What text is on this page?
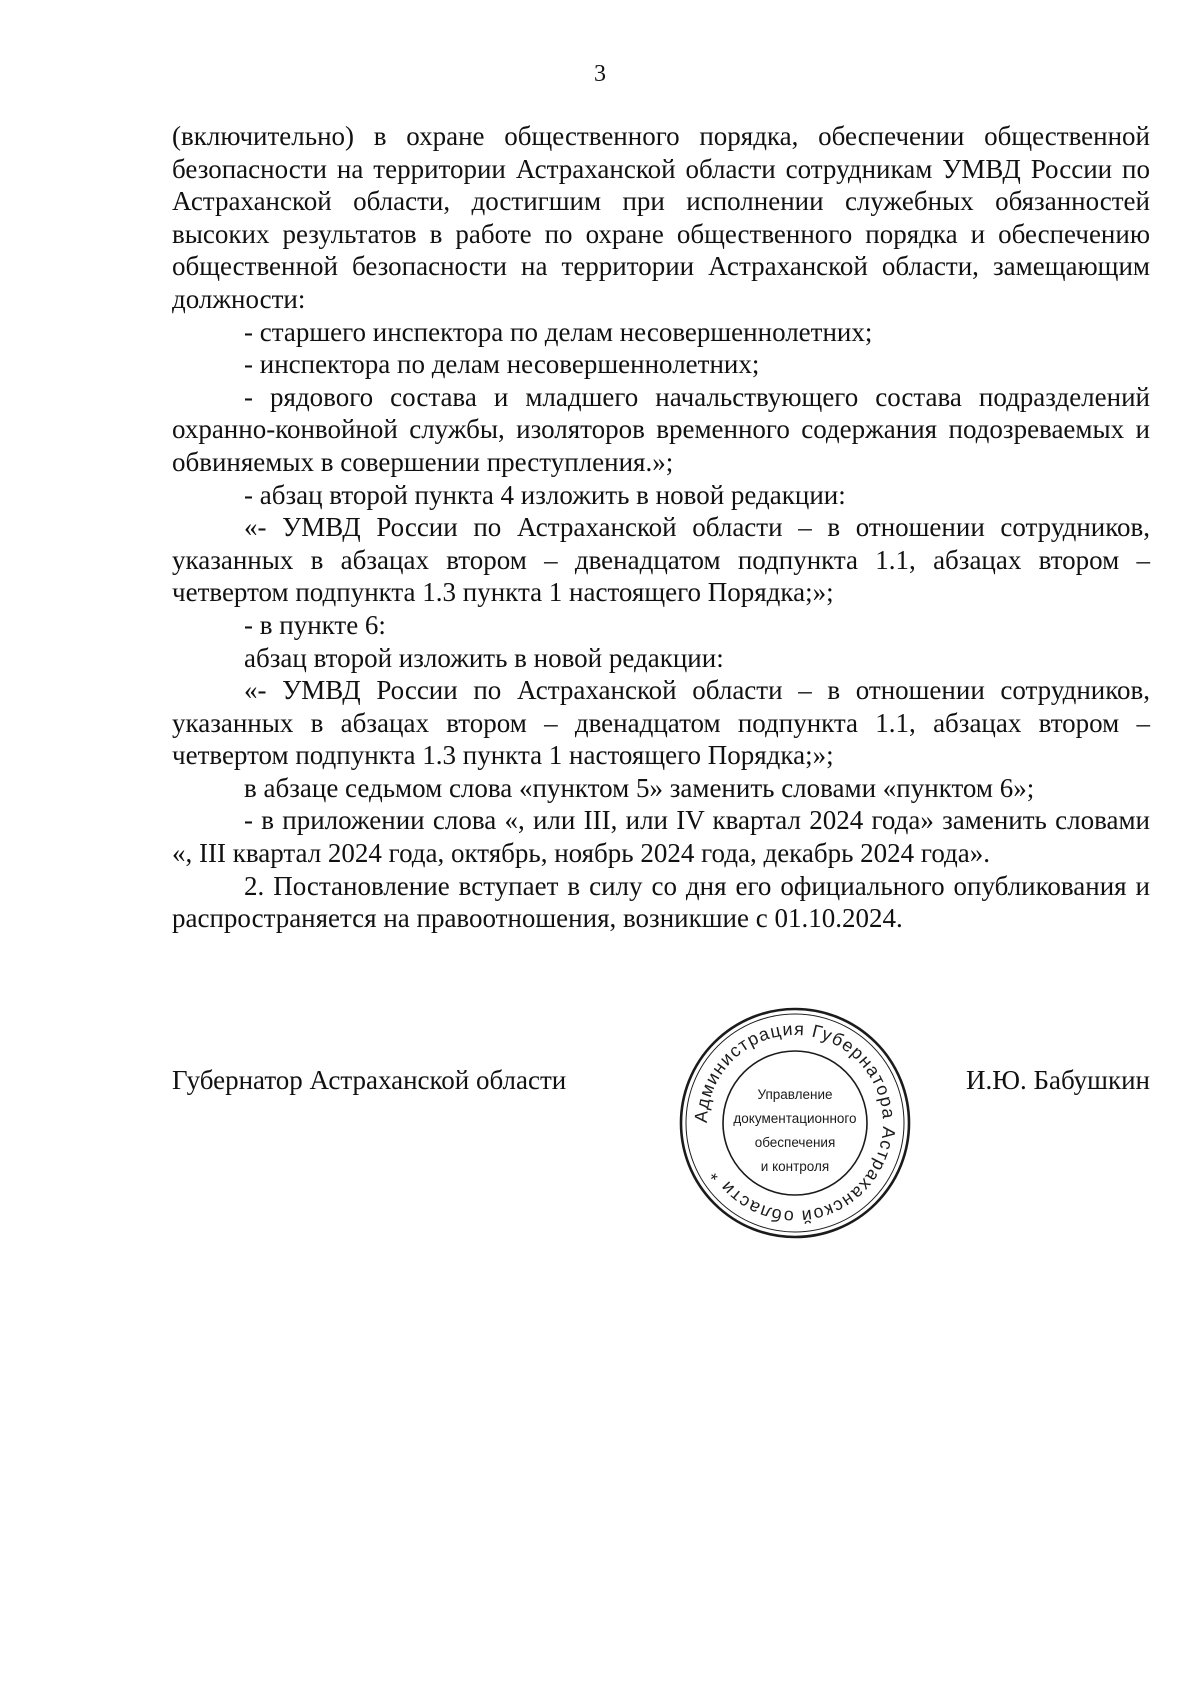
3

(включительно) в охране общественного порядка, обеспечении общественной безопасности на территории Астраханской области сотрудникам УМВД России по Астраханской области, достигшим при исполнении служебных обязанностей высоких результатов в работе по охране общественного порядка и обеспечению общественной безопасности на территории Астраханской области, замещающим должности:

- старшего инспектора по делам несовершеннолетних;

- инспектора по делам несовершеннолетних;

- рядового состава и младшего начальствующего состава подразделений охранно-конвойной службы, изоляторов временного содержания подозреваемых и обвиняемых в совершении преступления.»;

- абзац второй пункта 4 изложить в новой редакции:

«- УМВД России по Астраханской области – в отношении сотрудников, указанных в абзацах втором – двенадцатом подпункта 1.1, абзацах втором – четвертом подпункта 1.3 пункта 1 настоящего Порядка;»;

- в пункте 6:

абзац второй изложить в новой редакции:

«- УМВД России по Астраханской области – в отношении сотрудников, указанных в абзацах втором – двенадцатом подпункта 1.1, абзацах втором – четвертом подпункта 1.3 пункта 1 настоящего Порядка;»;

в абзаце седьмом слова «пунктом 5» заменить словами «пунктом 6»;

- в приложении слова «, или III, или IV квартал 2024 года» заменить словами «, III квартал 2024 года, октябрь, ноябрь 2024 года, декабрь 2024 года».

2. Постановление вступает в силу со дня его официального опубликования и распространяется на правоотношения, возникшие с 01.10.2024.

Губернатор Астраханской области	И.Ю. Бабушкин
Администрация Губернатора Астраханской области *
Управление
документационного
обеспечения
и контроля
